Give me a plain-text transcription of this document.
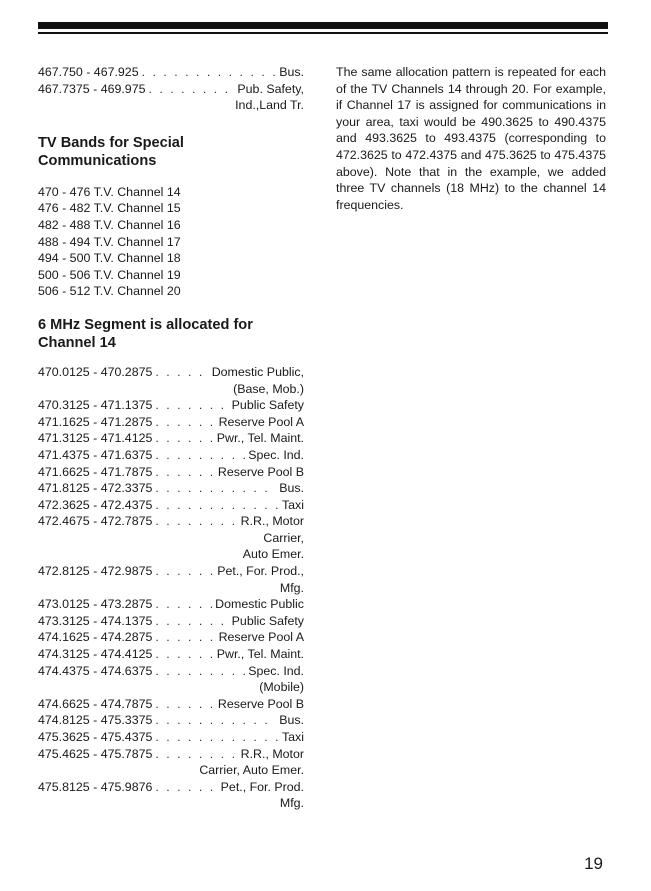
467.750 - 467.925 . . .	Bus.
467.7375 - 469.975 . . .	Pub. Safety,
Ind.,Land Tr.
TV Bands for Special Communications
470 - 476 T.V. Channel 14
476 - 482 T.V. Channel 15
482 - 488 T.V. Channel 16
488 - 494 T.V. Channel 17
494 - 500 T.V. Channel 18
500 - 506 T.V. Channel 19
506 - 512 T.V. Channel 20
6 MHz Segment is allocated for Channel 14
470.0125 - 470.2875 . . .	Domestic Public,
(Base, Mob.)
470.3125 - 471.1375 . . .	Public Safety
471.1625 - 471.2875 . . .	Reserve Pool A
471.3125 - 471.4125 . . .	Pwr., Tel. Maint.
471.4375 - 471.6375 . . .	Spec. Ind.
471.6625 - 471.7875 . . .	Reserve Pool B
471.8125 - 472.3375 . . .	Bus.
472.3625 - 472.4375 . . .	Taxi
472.4675 - 472.7875 . . .	R.R., Motor
Carrier,
Auto Emer.
472.8125 - 472.9875 . . .	Pet., For. Prod.,
Mfg.
473.0125 - 473.2875 . . .	Domestic Public
473.3125 - 474.1375 . . .	Public Safety
474.1625 - 474.2875 . . .	Reserve Pool A
474.3125 - 474.4125 . . .	Pwr., Tel. Maint.
474.4375 - 474.6375 . . .	Spec. Ind.
(Mobile)
474.6625 - 474.7875 . . .	Reserve Pool B
474.8125 - 475.3375 . . .	Bus.
475.3625 - 475.4375 . . .	Taxi
475.4625 - 475.7875 . . .	R.R., Motor
Carrier, Auto Emer.
475.8125 - 475.9876 . . .	Pet., For. Prod.
Mfg.

The same allocation pattern is repeated for each of the TV Channels 14 through 20. For example, if Channel 17 is assigned for communications in your area, taxi would be 490.3625 to 490.4375 and 493.3625 to 493.4375 (corresponding to 472.3625 to 472.4375 and 475.3625 to 475.4375 above). Note that in the example, we added three TV channels (18 MHz) to the channel 14 frequencies.

19
